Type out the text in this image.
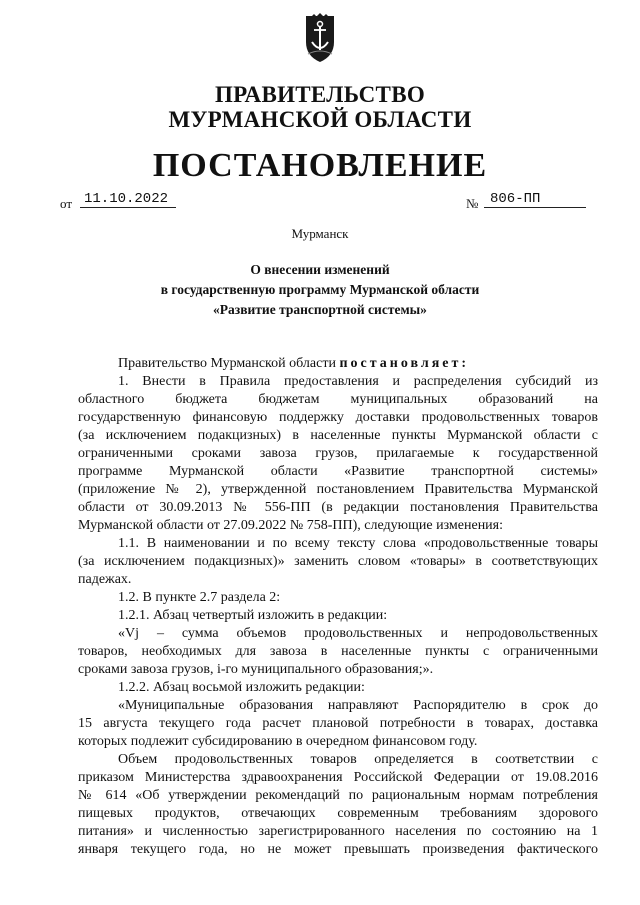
ПРАВИТЕЛЬСТВО
МУРМАНСКОЙ ОБЛАСТИ
ПОСТАНОВЛЕНИЕ
от 11.10.2022	№ 806-ПП
Мурманск
О внесении изменений
в государственную программу Мурманской области
«Развитие транспортной системы»
Правительство Мурманской области постановляет:
1. Внести в Правила предоставления и распределения субсидий из
областного бюджета бюджетам муниципальных образований на
государственную финансовую поддержку доставки продовольственных товаров
(за исключением подакцизных) в населенные пункты Мурманской области с
ограниченными сроками завоза грузов, прилагаемые к государственной
программе Мурманской области «Развитие транспортной системы»
(приложение № 2), утвержденной постановлением Правительства Мурманской
области от 30.09.2013 № 556-ПП (в редакции постановления Правительства
Мурманской области от 27.09.2022 № 758-ПП), следующие изменения:
1.1. В наименовании и по всему тексту слова «продовольственные товары
(за исключением подакцизных)» заменить словом «товары» в соответствующих
падежах.
1.2. В пункте 2.7 раздела 2:
1.2.1. Абзац четвертый изложить в редакции:
«Vj – сумма объемов продовольственных и непродовольственных
товаров, необходимых для завоза в населенные пункты с ограниченными
сроками завоза грузов, i-го муниципального образования;».
1.2.2. Абзац восьмой изложить редакции:
«Муниципальные образования направляют Распорядителю в срок до
15 августа текущего года расчет плановой потребности в товарах, доставка
которых подлежит субсидированию в очередном финансовом году.
Объем продовольственных товаров определяется в соответствии с
приказом Министерства здравоохранения Российской Федерации от 19.08.2016
№ 614 «Об утверждении рекомендаций по рациональным нормам потребления
пищевых продуктов, отвечающих современным требованиям здорового
питания» и численностью зарегистрированного населения по состоянию на 1
января текущего года, но не может превышать произведения фактического
